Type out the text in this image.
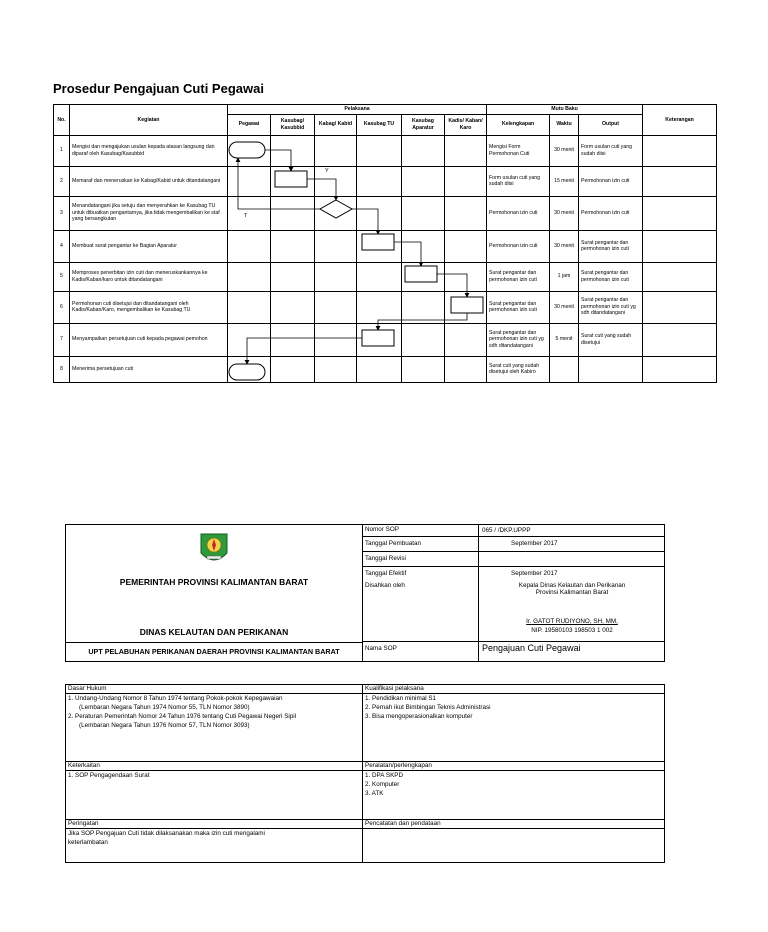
Prosedur Pengajuan Cuti Pegawai
No.	Kegiatan	Pelaksana						Mutu Baku			Keterangan
		Pegawai	Kasubag/ Kasubbid	Kabag/ Kabid	Kasubag TU	Kasubag Aparatur	Kadis/ Kaban/ Karo	Kelengkapan	Waktu	Output	
1	Mengisi dan mengajukan usulan kepada atasan langsung dan diparaf oleh Kasubag/Kasubbid							Mengisi Form Permohonan Cuti	30 menit	Form usulan cuti yang sudah diisi	
2	Memaraf dan meneruskan ke Kabag/Kabid untuk ditandatangani							Form usulan cuti yang sudah diisi	15 menit	Permohonan izin cuti	
3	Menandatangani jika setuju dan menyerahkan ke Kasubag TU untuk dibuatkan pengantarnya, jika tidak mengembalikan ke staf yang bersangkutan							Permohonan izin cuti	30 menit	Permohonan izin cuti	
4	Membuat surat pengantar ke Bagian Aparatur							Permohonan izin cuti	30 menit	Surat pengantar dan permohonan izin cuti	
5	Memproses penerbitan izin cuti dan meneruskankannya ke Kadis/Kaban/karo untuk ditandatangani							Surat pengantar dan permohonan izin cuti	1 jam	Surat pengantar dan permohonan izin cuti	
6	Permohonan cuti disetujui dan ditandatangani oleh Kadis/Kaban/Karo, mengembalikan ke Kasubag TU							Surat pengantar dan permohonan izin cuti	30 menit	Surat pengantar dan permohonan izin cuti yg sdh ditandatangani	
7	Menyampaikan persetujuan cuti kepada pegawai pemohon							Surat pengantar dan permohonan izin cuti yg sdh ditandatangani	5 menit	Surat cuti yang sudah disetujui	
8	Menerima persetujuan cuti							Surat cuti yang sudah disetujui oleh Kabiro			
Y
T
PEMERINTAH PROVINSI KALIMANTAN BARAT
DINAS KELAUTAN DAN PERIKANAN
UPT PELABUHAN PERIKANAN DAERAH PROVINSI KALIMANTAN BARAT
Nomor SOP	065 / /DKP.UPPP
Tanggal Pembuatan	September 2017
Tanggal Revisi
Tanggal Efektif	September 2017
Disahkan oleh	Kepala Dinas Kelautan dan Perikanan
Provinsi Kalimantan Barat
Ir. GATOT RUDIYONO, SH, MM,
NIP. 19580103 198503 1 002
Nama SOP	Pengajuan Cuti Pegawai
Dasar Hukum
1. Undang-Undang Nomor 8 Tahun 1974 tentang Pokok-pokok Kepegawaian
(Lembaran Negara Tahun 1974 Nomor 55, TLN Nomor 3890)
2. Peraturan Pemerintah Nomor 24 Tahun 1976 tentang Cuti Pegawai Negeri Sipil
(Lembaran Negara Tahun 1976 Nomor 57, TLN Nomor 3093)
Kualifikasi pelaksana
1. Pendidikan minimal S1
2. Pernah ikut Bimbingan Teknis Administrasi
3. Bisa mengoperasionalkan komputer
Keterkaitan
1. SOP Pengagendaan Surat
Peralatan/perlengkapan
1. DPA SKPD
2. Komputer
3. ATK
Peringatan
Jika SOP Pengajuan Cuti tidak dilaksanakan maka izin cuti mengalami
keterlambatan
Pencatatan dan pendataan
